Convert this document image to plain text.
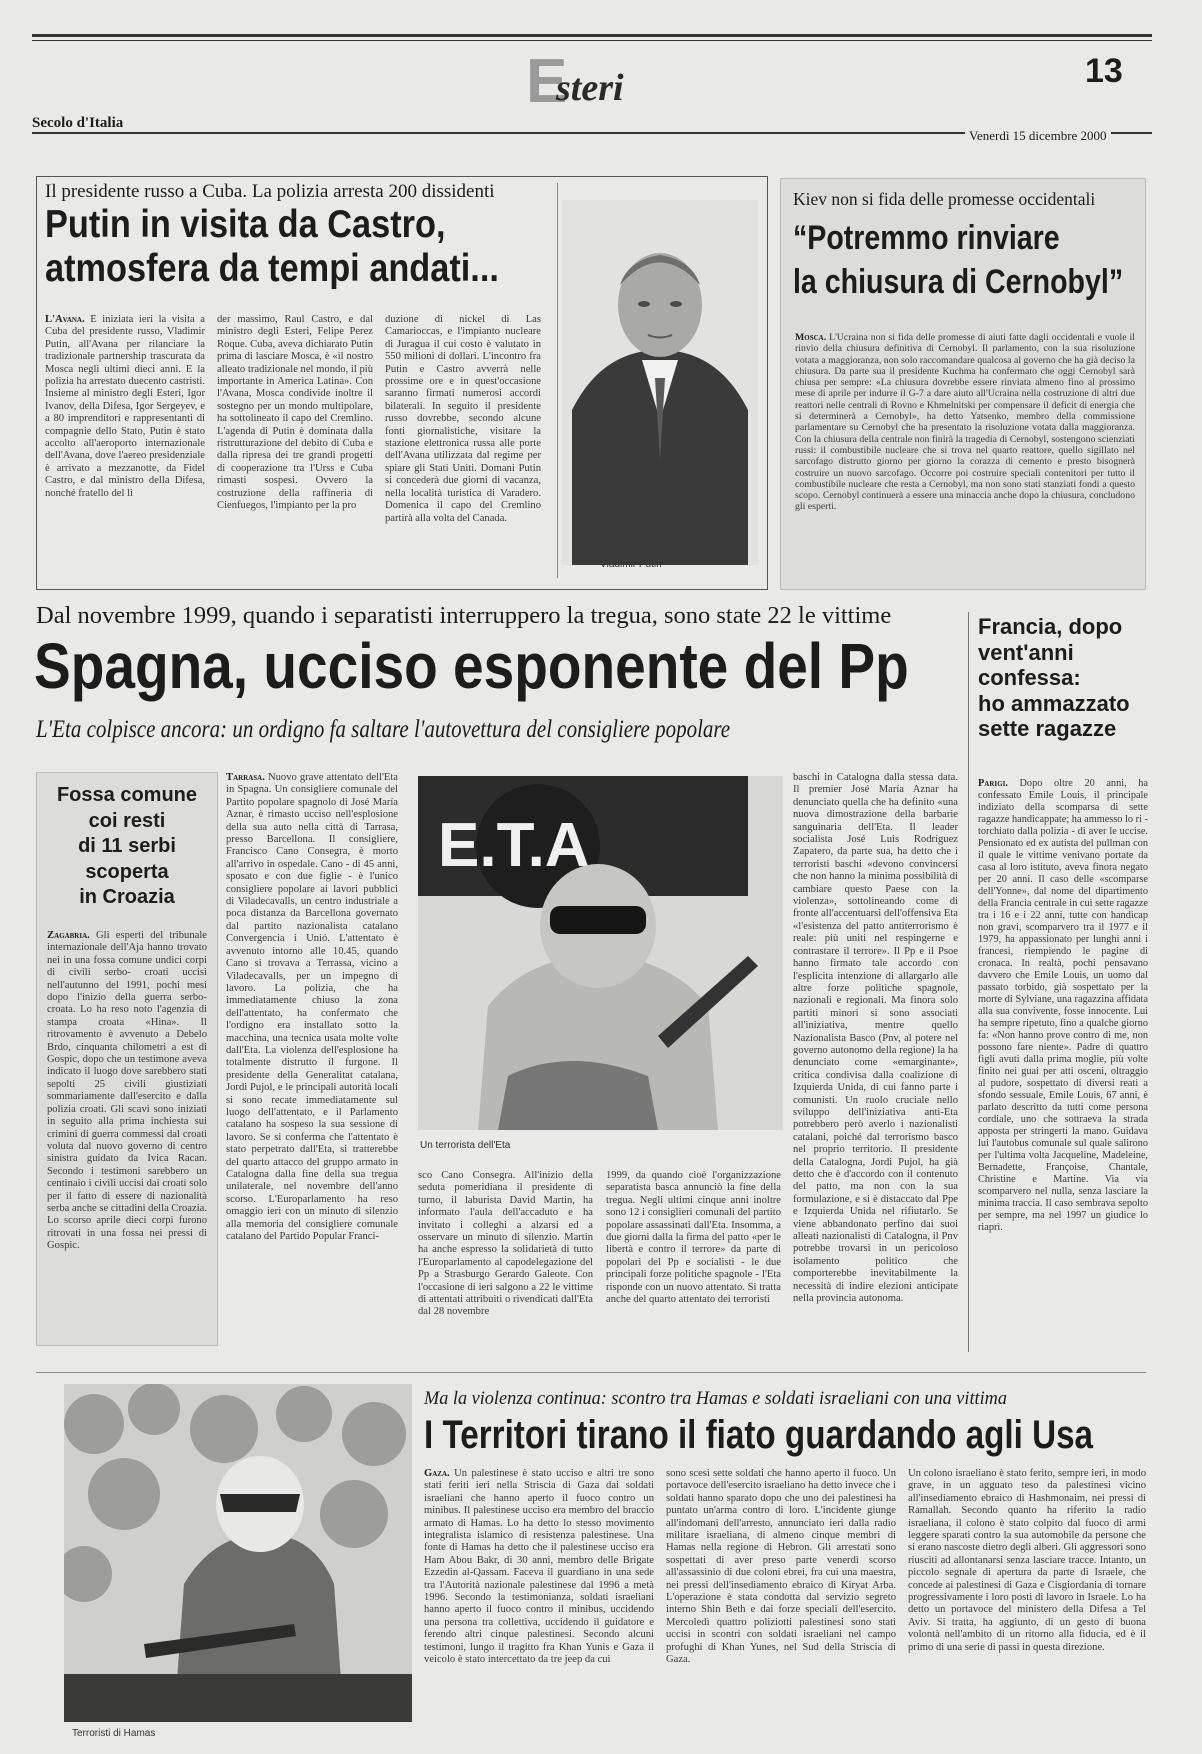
13
E
steri
Secolo d'Italia
Venerdì 15 dicembre 2000
Il presidente russo a Cuba. La polizia arresta 200 dissidenti
Putin in visita da Castro,
atmosfera da tempi andati...
L'Avana. È iniziata ieri la visita a Cuba del presidente russo, Vladimir Putin, all'Avana per rilanciare la tradizionale partnership trascurata da Mosca negli ultimi dieci anni. E la polizia ha arrestato duecento castristi. Insieme al ministro degli Esteri, Igor Ivanov, della Difesa, Igor Sergeyev, e a 80 imprenditori e rappresentanti di compagnie dello Stato, Putin è stato accolto all'aeroporto internazionale dell'Avana, dove l'aereo presidenziale è arrivato a mezzanotte, da Fidel Castro, e dal ministro della Difesa, nonché fratello del lì
der massimo, Raul Castro, e dal ministro degli Esteri, Felipe Perez Roque. Cuba, aveva dichiarato Putin prima di lasciare Mosca, è «il nostro alleato tradizionale nel mondo, il più importante in America Latina». Con l'Avana, Mosca condivide inoltre il sostegno per un mondo multipolare, ha sottolineato il capo del Cremlino. L'agenda di Putin è dominata dalla ristrutturazione del debito di Cuba e dalla ripresa dei tre grandi progetti di cooperazione tra l'Urss e Cuba rimasti sospesi. Ovvero la costruzione della raffineria di Cienfuegos, l'impianto per la pro
duzione di nickel di Las Camarioccas, e l'impianto nucleare di Juragua il cui costo è valutato in 550 milioni di dollari. L'incontro fra Putin e Castro avverrà nelle prossime ore e in quest'occasione saranno firmati numerosi accordi bilaterali. In seguito il presidente russo dovrebbe, secondo alcune fonti giornalistiche, visitare la stazione elettronica russa alle porte dell'Avana utilizzata dal regime per spiare gli Stati Uniti. Domani Putin si concederà due giorni di vacanza, nella località turistica di Varadero. Domenica il capo del Cremlino partirà alla volta del Canada.
Vladimir Putin
Kiev non si fida delle promesse occidentali
“Potremmo rinviare
la chiusura di Cernobyl”
Mosca. L'Ucraina non si fida delle promesse di aiuti fatte dagli occidentali e vuole il rinvio della chiusura definitiva di Cernobyl. Il parlamento, con la sua risoluzione votata a maggioranza, non solo raccomandare qualcosa al governo che ha già deciso la chiusura. Da parte sua il presidente Kuchma ha confermato che oggi Cernobyl sarà chiusa per sempre: «La chiusura dovrebbe essere rinviata almeno fino al prossimo mese di aprile per indurre il G-7 a dare aiuto all'Ucraina nella costruzione di altri due reattori nelle centrali di Rovno e Khmelnitski per compensare il deficit di energia che si determinerà a Cernobyl», ha detto Yatsenko, membro della commissione parlamentare su Cernobyl che ha presentato la risoluzione votata dalla maggioranza. Con la chiusura della centrale non finirà la tragedia di Cernobyl, sostengono scienziati russi: il combustibile nucleare che si trova nel quarto reattore, quello sigillato nel sarcofago distrutto giorno per giorno la corazza di cemento e presto bisognerà costruire un nuovo sarcofago. Occorre poi costruire speciali contenitori per tutto il combustibile nucleare che resta a Cernobyl, ma non sono stati stanziati fondi a questo scopo. Cernobyl continuerà a essere una minaccia anche dopo la chiusura, concludono gli esperti.
Dal novembre 1999, quando i separatisti interruppero la tregua, sono state 22 le vittime
Spagna, ucciso esponente del Pp
L'Eta colpisce ancora: un ordigno fa saltare l'autovettura del consigliere popolare
Fossa comune
coi resti
di 11 serbi
scoperta
in Croazia
Zagabria. Gli esperti del tribunale internazionale dell'Aja hanno trovato nei in una fossa comune undici corpi di civili serbo- croati uccisi nell'autunno del 1991, pochi mesi dopo l'inizio della guerra serbo-croata. Lo ha reso noto l'agenzia di stampa croata «Hina». Il ritrovamento è avvenuto a Debelo Brdo, cinquanta chilometri a est di Gospic, dopo che un testimone aveva indicato il luogo dove sarebbero stati sepolti 25 civili giustiziati sommariamente dall'esercito e dalla polizia croati. Gli scavi sono iniziati in seguito alla prima inchiesta sui crimini di guerra commessi dal croati voluta dal nuovo governo di centro sinistra guidato da Ivica Racan. Secondo i testimoni sarebbero un centinaio i civili uccisi dai croati solo per il fatto di essere di nazionalità serba anche se cittadini della Croazia. Lo scorso aprile dieci corpi furono ritrovati in una fossa nei pressi di Gospic.
Tarrasa. Nuovo grave attentato dell'Eta in Spagna. Un consigliere comunale del Partito popolare spagnolo di José María Aznar, è rimasto ucciso nell'esplosione della sua auto nella città di Tarrasa, presso Barcellona. Il consigliere, Francisco Cano Consegra, è morto all'arrivo in ospedale. Cano - di 45 anni, sposato e con due figlie - è l'unico consigliere popolare ai lavori pubblici di Viladecavalls, un centro industriale a poca distanza da Barcellona governato dal partito nazionalista catalano Convergencia i Unió. L'attentato è avvenuto intorno alle 10.45, quando Cano si trovava a Terrassa, vicino a Viladecavalls, per un impegno di lavoro. La polizia, che ha immediatamente chiuso la zona dell'attentato, ha confermato che l'ordigno era installato sotto la macchina, una tecnica usata molte volte dall'Eta. La violenza dell'esplosione ha totalmente distrutto il furgone. Il presidente della Generalitat catalana, Jordi Pujol, e le principali autorità locali si sono recate immediatamente sul luogo dell'attentato, e il Parlamento catalano ha sospeso la sua sessione di lavoro. Se si conferma che l'attentato è stato perpetrato dall'Eta, si tratterebbe del quarto attacco del gruppo armato in Catalogna dalla fine della sua tregua unilaterale, nel novembre dell'anno scorso. L'Europarlamento ha reso omaggio ieri con un minuto di silenzio alla memoria del consigliere comunale catalano del Partido Popular Franci-
E.T.A
Un terrorista dell'Eta
sco Cano Consegra. All'inizio della seduta pomeridiana il presidente di turno, il laburista David Martin, ha informato l'aula dell'accaduto e ha invitato i colleghi a alzarsi ed a osservare un minuto di silenzio. Martin ha anche espresso la solidarietà di tutto l'Europarlamento al capodelegazione del Pp a Strasburgo Gerardo Galeote. Con l'occasione di ieri salgono a 22 le vittime di attentati attribuiti o rivendicati dall'Eta dal 28 novembre
1999, da quando cioè l'organizzazione separatista basca annunciò la fine della tregua. Negli ultimi cinque anni inoltre sono 12 i consiglieri comunali del partito popolare assassinati dall'Eta. Insomma, a due giorni dalla la firma del patto «per le libertà e contro il terrore» da parte di popolari del Pp e socialisti - le due principali forze politiche spagnole - l'Eta risponde con un nuovo attentato. Si tratta anche del quarto attentato dei terroristi
baschi in Catalogna dalla stessa data. Il premier José María Aznar ha denunciato quella che ha definito «una nuova dimostrazione della barbarie sanguinaria dell'Eta. Il leader socialista José Luis Rodríguez Zapatero, da parte sua, ha detto che i terroristi baschi «devono convincersi che non hanno la minima possibilità di cambiare questo Paese con la violenza», sottolineando come di fronte all'accentuarsi dell'offensiva Eta «l'esistenza del patto antiterrorismo è reale: più uniti nel respingerne e contrastare il terrore». Il Pp e il Psoe hanno firmato tale accordo con l'esplicita intenzione di allargarlo alle altre forze politiche spagnole, nazionali e regionali. Ma finora solo partiti minori si sono associati all'iniziativa, mentre quello Nazionalista Basco (Pnv, al potere nel governo autonomo della regione) la ha denunciato come «emarginante», critica condivisa dalla coalizione di Izquierda Unida, di cui fanno parte i comunisti. Un ruolo cruciale nello sviluppo dell'iniziativa anti-Eta potrebbero però averlo i nazionalisti catalani, poiché dal terrorismo basco nel proprio territorio. Il presidente della Catalogna, Jordi Pujol, ha già detto che è d'accordo con il contenuto del patto, ma non con la sua formulazione, e si è distaccato dal Ppe e Izquierda Unida nel rifiutarlo. Se viene abbandonato perfino dai suoi alleati nazionalisti di Catalogna, il Pnv potrebbe trovarsi in un pericoloso isolamento politico che comporterebbe inevitabilmente la necessità di indire elezioni anticipate nella provincia autonoma.
Francia, dopo
vent'anni
confessa:
ho ammazzato
sette ragazze
Parigi. Dopo oltre 20 anni, ha confessato Emile Louis, il principale indiziato della scomparsa di sette ragazze handicappate; ha ammesso lo ri - torchiato dalla polizia - di aver le uccise. Pensionato ed ex autista del pullman con il quale le vittime venivano portate da casa al loro istituto, aveva finora negato per 20 anni. Il caso delle «scomparse dell'Yonne», dal nome del dipartimento della Francia centrale in cui sette ragazze tra i 16 e i 22 anni, tutte con handicap non gravi, scomparvero tra il 1977 e il 1979, ha appassionato per lunghi anni i francesi, riempiendo le pagine di cronaca. In realtà, pochi pensavano davvero che Emile Louis, un uomo dal passato torbido, già sospettato per la morte di Sylviane, una ragazzina affidata alla sua convivente, fosse innocente. Lui ha sempre ripetuto, fino a qualche giorno fa: «Non hanno prove contro di me, non possono fare niente». Padre di quattro figli avuti dalla prima moglie, più volte finito nei guai per atti osceni, oltraggio al pudore, sospettato di diversi reati a sfondo sessuale, Emile Louis, 67 anni, è parlato descritto da tutti come persona cordiale, uno che sottraeva la strada apposta per stringerti la mano. Guidava lui l'autobus comunale sul quale salirono per l'ultima volta Jacqueline, Madeleine, Bernadette, Françoise, Chantale, Christine e Martine. Via via scomparvero nel nulla, senza lasciare la minima traccia. Il caso sembrava sepolto per sempre, ma nel 1997 un giudice lo riaprì.
Terroristi di Hamas
Ma la violenza continua: scontro tra Hamas e soldati israeliani con una vittima
I Territori tirano il fiato guardando agli Usa
Gaza. Un palestinese è stato ucciso e altri tre sono stati feriti ieri nella Striscia di Gaza dai soldati israeliani che hanno aperto il fuoco contro un minibus. Il palestinese ucciso era membro del braccio armato di Hamas. Lo ha detto lo stesso movimento integralista islamico di resistenza palestinese. Una fonte di Hamas ha detto che il palestinese ucciso era Ham Abou Bakr, di 30 anni, membro delle Brigate Ezzedin al-Qassam. Faceva il guardiano in una sede tra l'Autorità nazionale palestinese dal 1996 a metà 1996. Secondo la testimonianza, soldati israeliani hanno aperto il fuoco contro il minibus, uccidendo una persona tra collettiva, uccidendo il guidatore e ferendo altri cinque palestinesi. Secondo alcuni testimoni, lungo il tragitto fra Khan Yunis e Gaza il veicolo è stato intercettato da tre jeep da cui
sono scesi sette soldati che hanno aperto il fuoco. Un portavoce dell'esercito israeliano ha detto invece che i soldati hanno sparato dopo che uno dei palestinesi ha puntato un'arma contro di loro. L'incidente giunge all'indomani dell'arresto, annunciato ieri dalla radio militare israeliana, di almeno cinque membri di Hamas nella regione di Hebron. Gli arrestati sono sospettati di aver preso parte venerdì scorso all'assassinio di due coloni ebrei, fra cui una maestra, nei pressi dell'insediamento ebraico di Kiryat Arba. L'operazione è stata condotta dal servizio segreto interno Shin Beth e dai forze speciali dell'esercito. Mercoledì quattro poliziotti palestinesi sono stati uccisi in scontri con soldati israeliani nel campo profughi di Khan Yunes, nel Sud della Striscia di Gaza.
Un colono israeliano è stato ferito, sempre ieri, in modo grave, in un agguato teso da palestinesi vicino all'insediamento ebraico di Hashmonaim, nei pressi di Ramallah. Secondo quanto ha riferito la radio israeliana, il colono è stato colpito dal fuoco di armi leggere sparati contro la sua automobile da persone che si erano nascoste dietro degli alberi. Gli aggressori sono riusciti ad allontanarsi senza lasciare tracce. Intanto, un piccolo segnale di apertura da parte di Israele, che concede ai palestinesi di Gaza e Cisgiordania di tornare progressivamente i loro posti di lavoro in Israele. Lo ha detto un portavoce del ministero della Difesa a Tel Aviv. Si tratta, ha aggiunto, di un gesto di buona volontà nell'ambito di un ritorno alla fiducia, ed è il primo di una serie di passi in questa direzione.
